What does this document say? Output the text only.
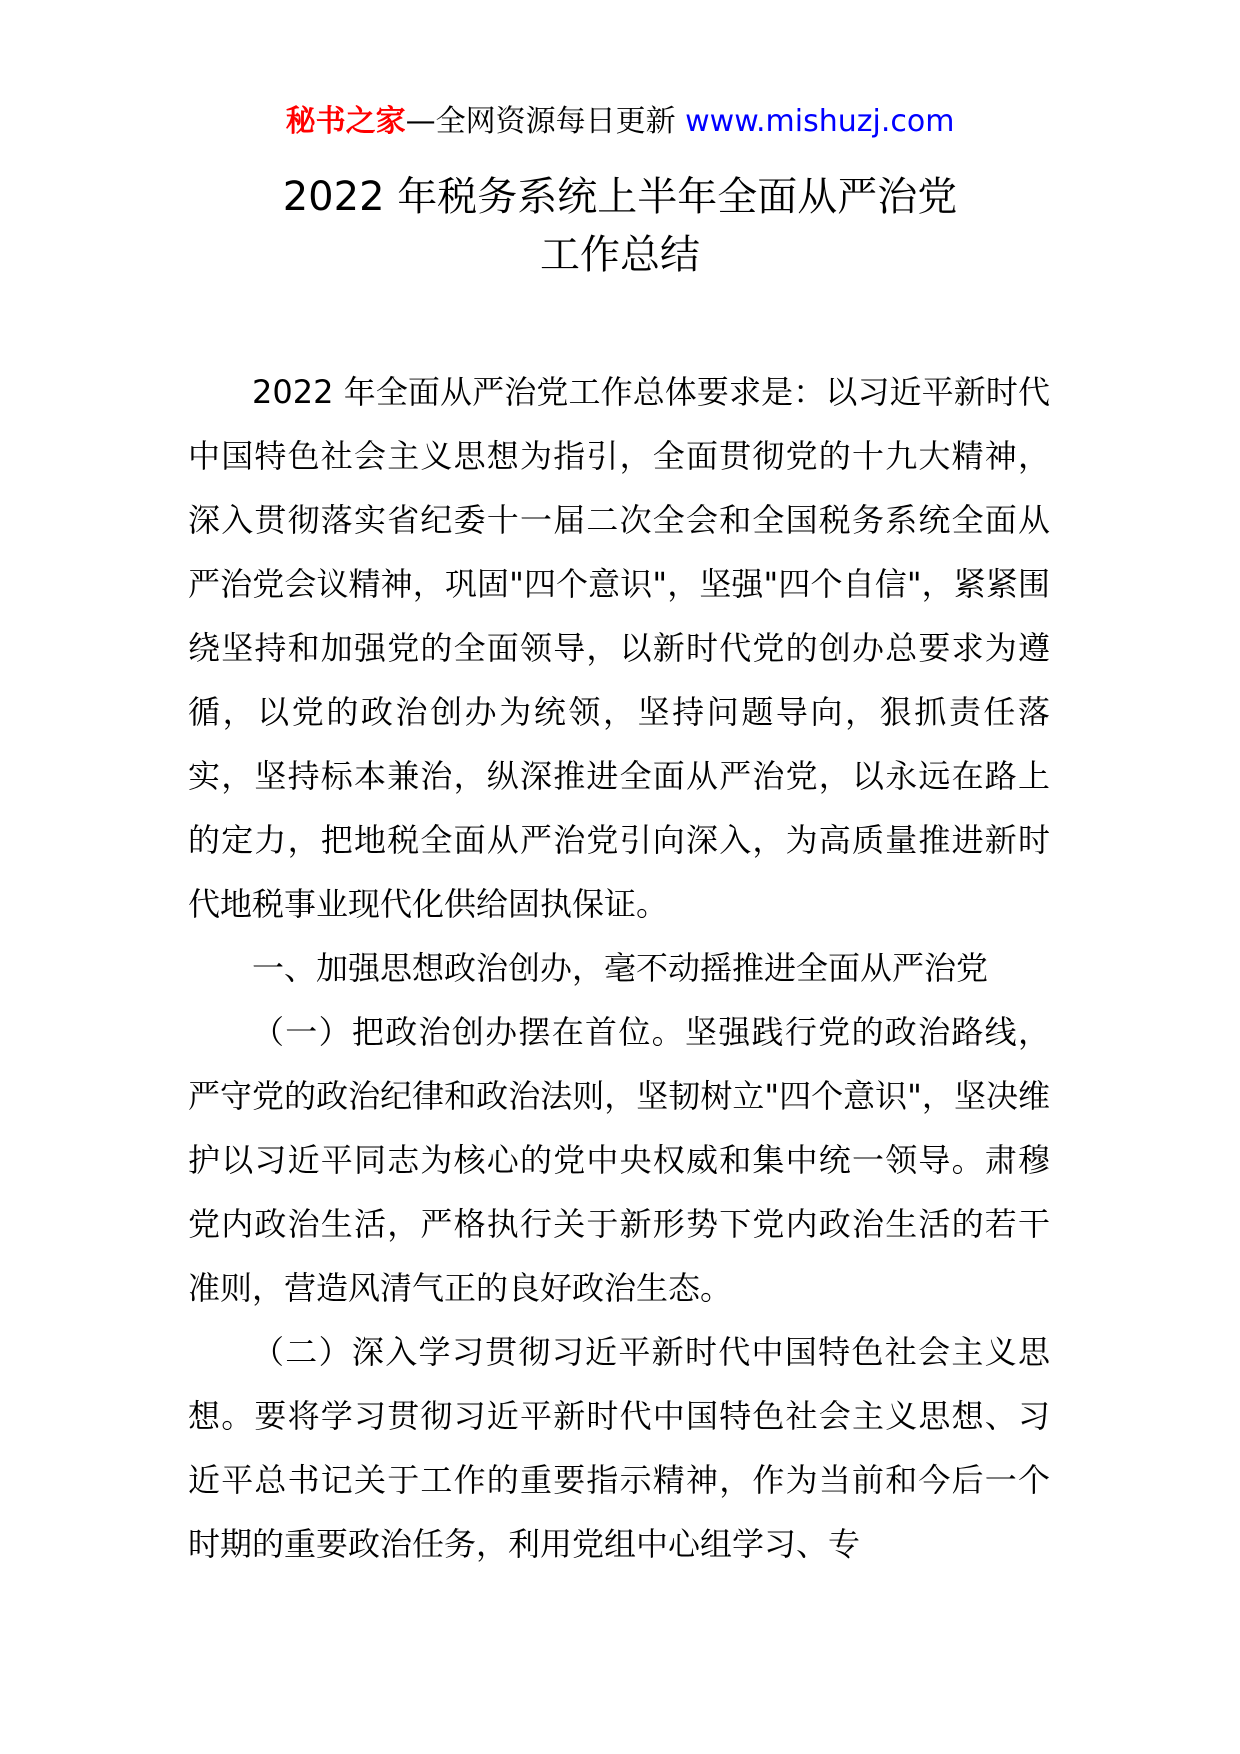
秘书之家—全网资源每日更新 www.mishuzj.com
2022 年税务系统上半年全面从严治党
工作总结

2022 年全面从严治党工作总体要求是：以习近平新时代中国特色社会主义思想为指引，全面贯彻党的十九大精神，深入贯彻落实省纪委十一届二次全会和全国税务系统全面从严治党会议精神，巩固"四个意识"，坚强"四个自信"，紧紧围绕坚持和加强党的全面领导，以新时代党的创办总要求为遵循，以党的政治创办为统领，坚持问题导向，狠抓责任落实，坚持标本兼治，纵深推进全面从严治党，以永远在路上的定力，把地税全面从严治党引向深入，为高质量推进新时代地税事业现代化供给固执保证。

一、加强思想政治创办，毫不动摇推进全面从严治党

（一）把政治创办摆在首位。坚强践行党的政治路线，严守党的政治纪律和政治法则，坚韧树立"四个意识"，坚决维护以习近平同志为核心的党中央权威和集中统一领导。肃穆党内政治生活，严格执行关于新形势下党内政治生活的若干准则，营造风清气正的良好政治生态。

（二）深入学习贯彻习近平新时代中国特色社会主义思想。要将学习贯彻习近平新时代中国特色社会主义思想、习近平总书记关于工作的重要指示精神，作为当前和今后一个时期的重要政治任务，利用党组中心组学习、专
